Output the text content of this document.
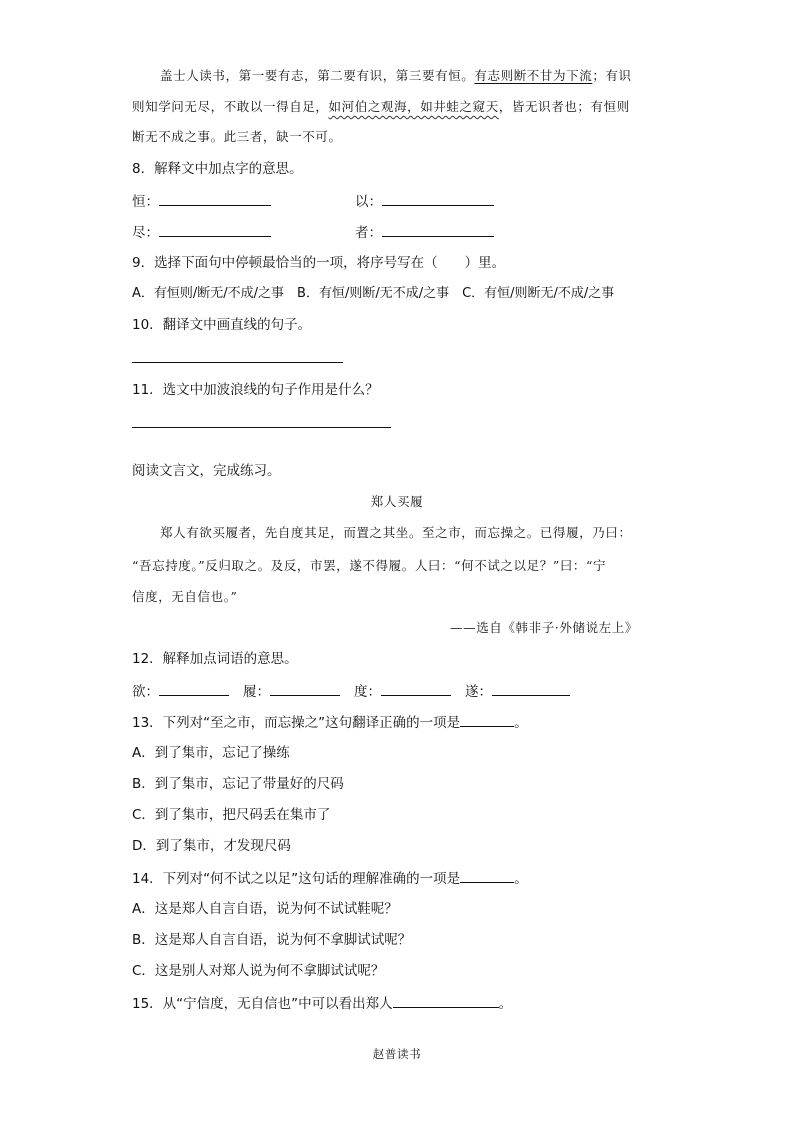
盖士人读书，第一要有志，第二要有识，第三要有恒。有志则断不甘为下流；有识
则知学问无尽，不敢以一得自足，如河伯之观海，如井蛙之窥天，皆无识者也；有恒则
断无不成之事。此三者，缺一不可。
8．解释文中加点字的意思。
恒：	以：
尽：	者：
9．选择下面句中停顿最恰当的一项，将序号写在（　　）里。
A．有恒则/断无/不成/之事　B．有恒/则断/无不成/之事　C．有恒/则断无/不成/之事
10．翻译文中画直线的句子。
11．选文中加波浪线的句子作用是什么？
阅读文言文，完成练习。
郑人买履
郑人有欲买履者，先自度其足，而置之其坐。至之市，而忘操之。已得履，乃曰：
“吾忘持度。”反归取之。及反，市罢，遂不得履。人曰：“何不试之以足？”曰：“宁
信度，无自信也。”
——选自《韩非子·外储说左上》
12．解释加点词语的意思。
欲：	履：	度：	遂：
13．下列对“至之市，而忘操之”这句翻译正确的一项是	。
A．到了集市，忘记了操练
B．到了集市，忘记了带量好的尺码
C．到了集市，把尺码丢在集市了
D．到了集市，才发现尺码
14．下列对“何不试之以足”这句话的理解准确的一项是	。
A．这是郑人自言自语，说为何不试试鞋呢？
B．这是郑人自言自语，说为何不拿脚试试呢？
C．这是别人对郑人说为何不拿脚试试呢？
15．从“宁信度，无自信也”中可以看出郑人	。
赵普读书
